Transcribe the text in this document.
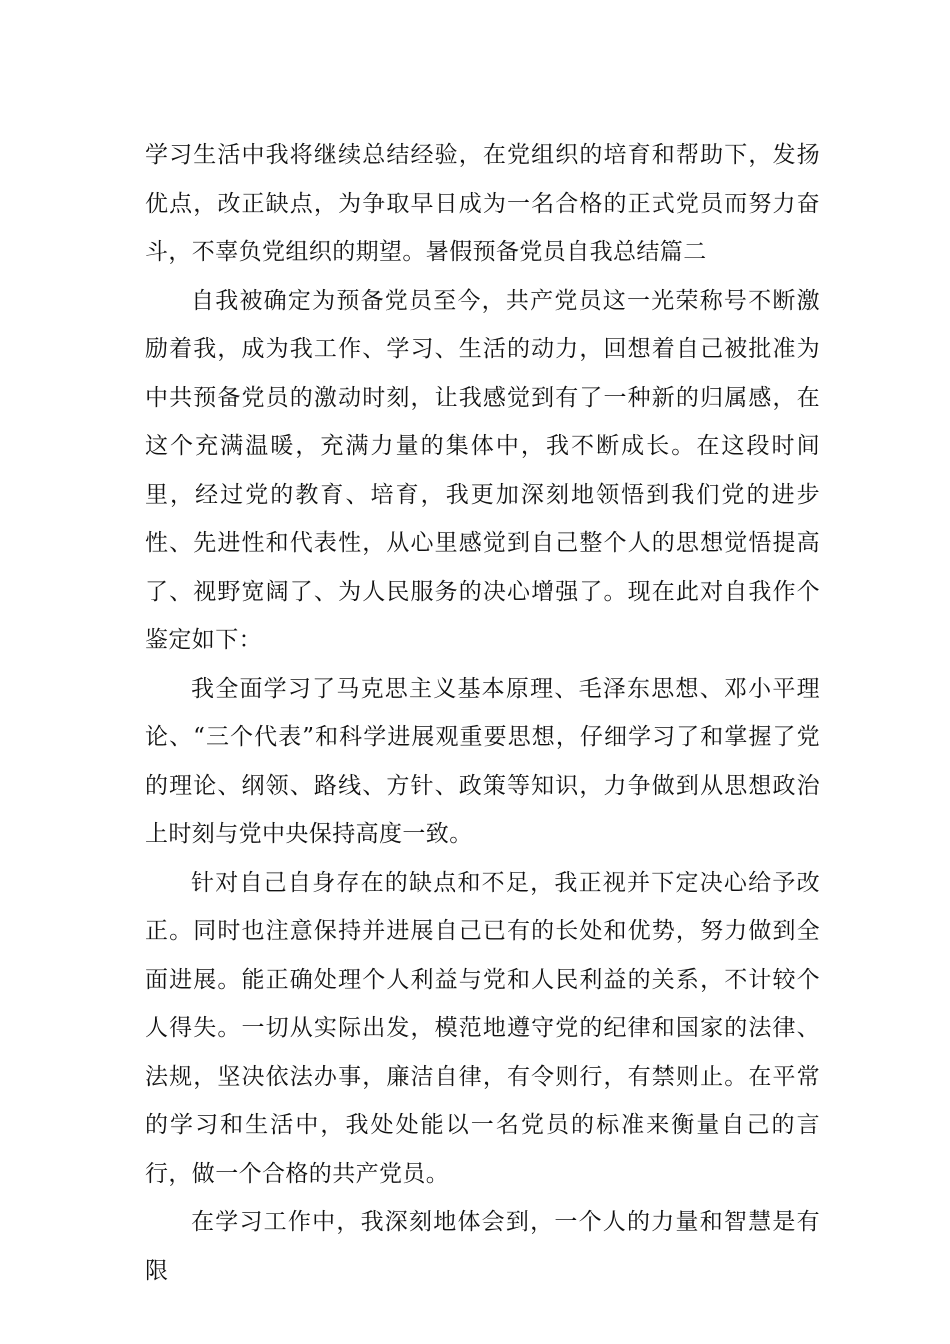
学习生活中我将继续总结经验，在党组织的培育和帮助下，发扬优点，改正缺点，为争取早日成为一名合格的正式党员而努力奋斗，不辜负党组织的期望。暑假预备党员自我总结篇二

自我被确定为预备党员至今，共产党员这一光荣称号不断激励着我，成为我工作、学习、生活的动力，回想着自己被批准为中共预备党员的激动时刻，让我感觉到有了一种新的归属感，在这个充满温暖，充满力量的集体中，我不断成长。在这段时间里，经过党的教育、培育，我更加深刻地领悟到我们党的进步性、先进性和代表性，从心里感觉到自己整个人的思想觉悟提高了、视野宽阔了、为人民服务的决心增强了。现在此对自我作个鉴定如下：

我全面学习了马克思主义基本原理、毛泽东思想、邓小平理论、“三个代表”和科学进展观重要思想，仔细学习了和掌握了党的理论、纲领、路线、方针、政策等知识，力争做到从思想政治上时刻与党中央保持高度一致。

针对自己自身存在的缺点和不足，我正视并下定决心给予改正。同时也注意保持并进展自己已有的长处和优势，努力做到全面进展。能正确处理个人利益与党和人民利益的关系，不计较个人得失。一切从实际出发，模范地遵守党的纪律和国家的法律、法规，坚决依法办事，廉洁自律，有令则行，有禁则止。在平常的学习和生活中，我处处能以一名党员的标准来衡量自己的言行，做一个合格的共产党员。

在学习工作中，我深刻地体会到，一个人的力量和智慧是有限
